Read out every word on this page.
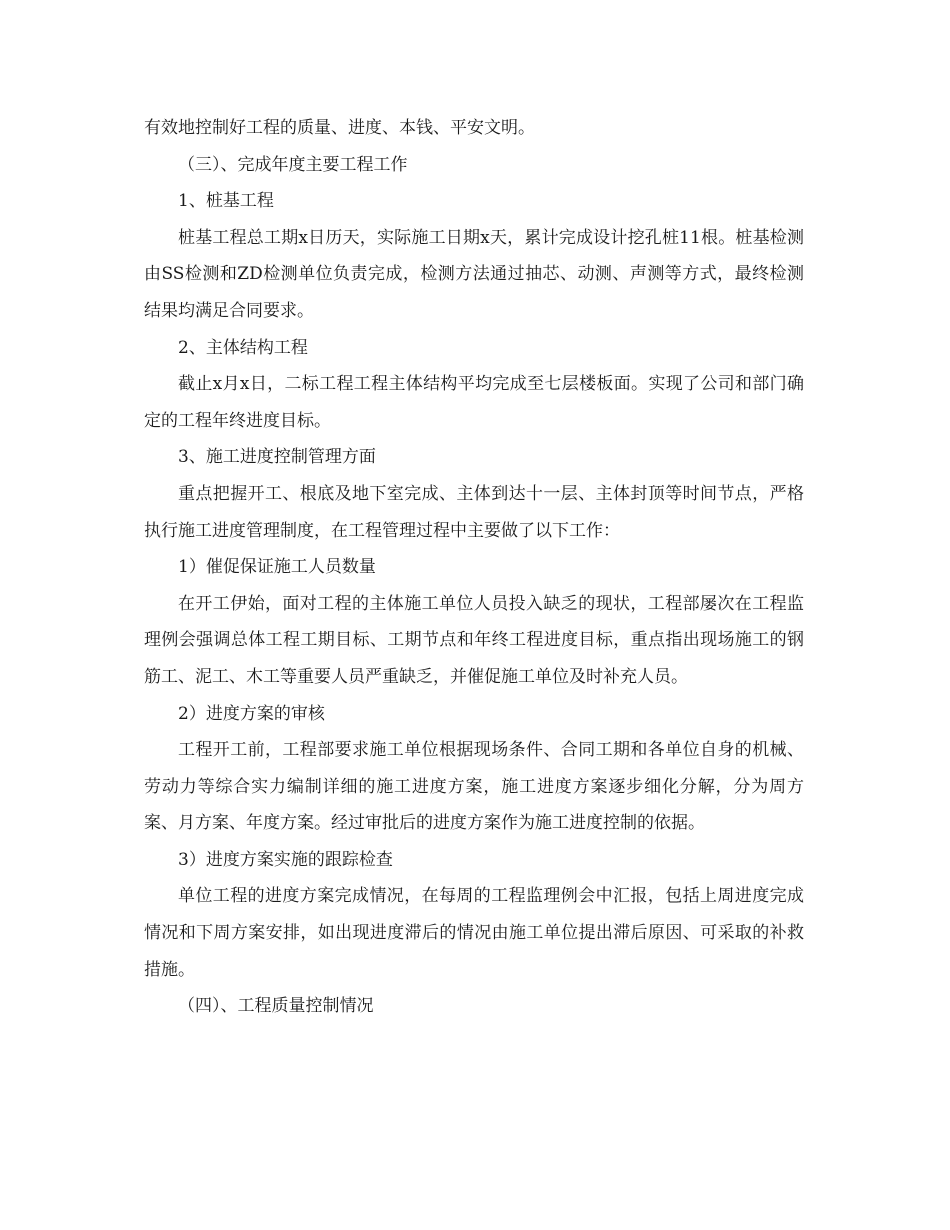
有效地控制好工程的质量、进度、本钱、平安文明。

（三）、完成年度主要工程工作

1、桩基工程

桩基工程总工期x日历天，实际施工日期x天，累计完成设计挖孔桩11根。桩基检测由SS检测和ZD检测单位负责完成，检测方法通过抽芯、动测、声测等方式，最终检测结果均满足合同要求。

2、主体结构工程

截止x月x日，二标工程工程主体结构平均完成至七层楼板面。实现了公司和部门确定的工程年终进度目标。

3、施工进度控制管理方面

重点把握开工、根底及地下室完成、主体到达十一层、主体封顶等时间节点，严格执行施工进度管理制度，在工程管理过程中主要做了以下工作：

1）催促保证施工人员数量

在开工伊始，面对工程的主体施工单位人员投入缺乏的现状，工程部屡次在工程监理例会强调总体工程工期目标、工期节点和年终工程进度目标，重点指出现场施工的钢筋工、泥工、木工等重要人员严重缺乏，并催促施工单位及时补充人员。

2）进度方案的审核

工程开工前，工程部要求施工单位根据现场条件、合同工期和各单位自身的机械、劳动力等综合实力编制详细的施工进度方案，施工进度方案逐步细化分解，分为周方案、月方案、年度方案。经过审批后的进度方案作为施工进度控制的依据。

3）进度方案实施的跟踪检查

单位工程的进度方案完成情况，在每周的工程监理例会中汇报，包括上周进度完成情况和下周方案安排，如出现进度滞后的情况由施工单位提出滞后原因、可采取的补救措施。

（四）、工程质量控制情况
